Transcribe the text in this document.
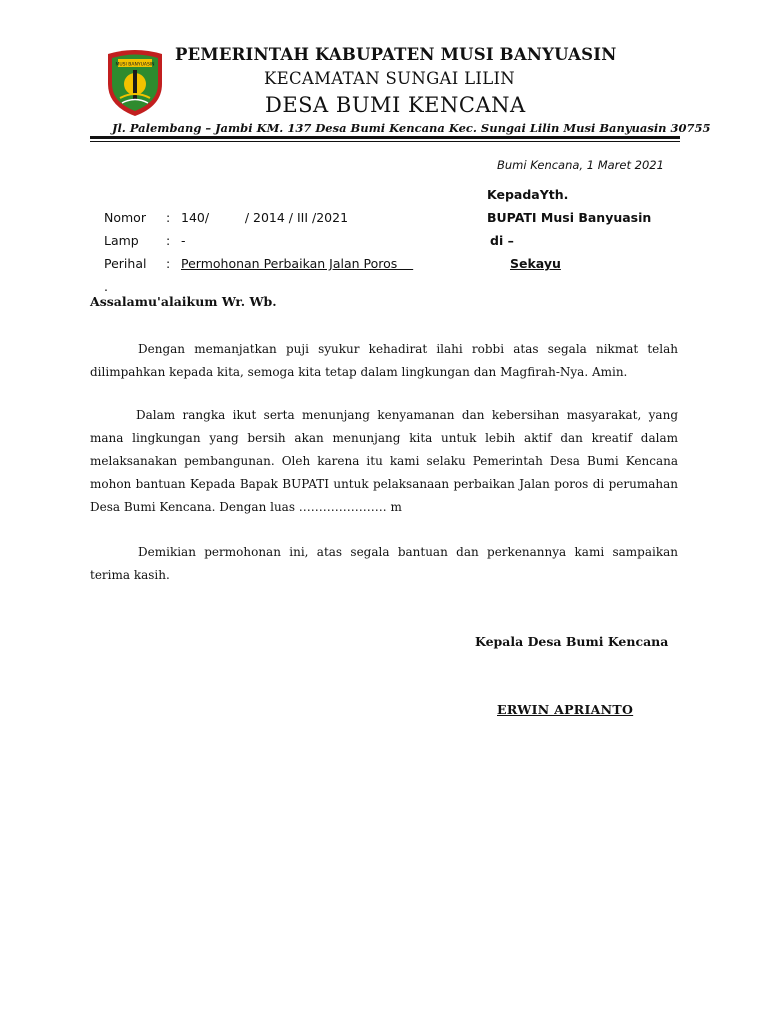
MUSI BANYUASIN
PEMERINTAH KABUPATEN MUSI BANYUASIN
KECAMATAN SUNGAI LILIN
DESA BUMI KENCANA
Jl. Palembang – Jambi KM. 137 Desa Bumi Kencana Kec. Sungai Lilin Musi Banyuasin 30755
Bumi Kencana, 1 Maret 2021
KepadaYth.
BUPATI Musi Banyuasin
di –
Sekayu
Nomor : 140/         / 2014 / III /2021
Lamp : -
Perihal : Permohonan Perbaikan Jalan Poros
.
Assalamu'alaikum Wr. Wb.
Dengan memanjatkan puji syukur kehadirat ilahi robbi atas segala nikmat telah dilimpahkan kepada kita, semoga kita tetap dalam lingkungan dan Magfirah-Nya. Amin.
Dalam rangka ikut serta menunjang kenyamanan dan kebersihan masyarakat, yang mana lingkungan yang bersih akan menunjang kita untuk lebih aktif dan kreatif dalam melaksanakan pembangunan. Oleh karena itu kami selaku Pemerintah Desa Bumi Kencana mohon bantuan Kepada Bapak BUPATI untuk pelaksanaan perbaikan Jalan poros di perumahan Desa Bumi Kencana. Dengan luas …………………. m
Demikian permohonan ini, atas segala bantuan dan perkenannya kami sampaikan terima kasih.
Kepala Desa Bumi Kencana
ERWIN APRIANTO
